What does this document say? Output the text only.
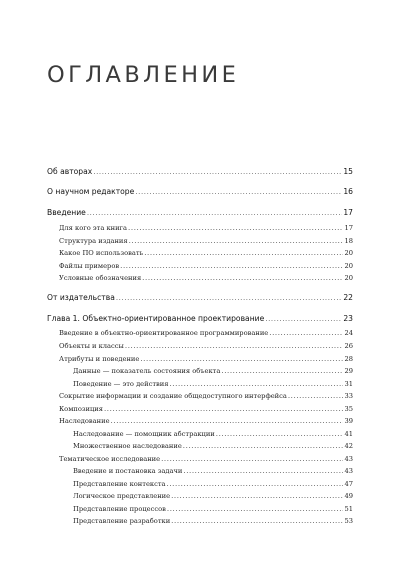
ОГЛАВЛЕНИЕ
Об авторах .....	15
О научном редакторе .....	16
Введение .....	17
Для кого эта книга .....	17
Структура издания .....	18
Какое ПО использовать .....	20
Файлы примеров .....	20
Условные обозначения .....	20
От издательства .....	22
Глава 1. Объектно-ориентированное проектирование .....	23
Введение в объектно-ориентированное программирование .....	24
Объекты и классы .....	26
Атрибуты и поведение .....	28
Данные — показатель состояния объекта .....	29
Поведение — это действия .....	31
Сокрытие информации и создание общедоступного интерфейса .....	33
Композиция .....	35
Наследование .....	39
Наследование — помощник абстракции .....	41
Множественное наследование .....	42
Тематическое исследование .....	43
Введение и постановка задачи .....	43
Представление контекста .....	47
Логическое представление .....	49
Представление процессов .....	51
Представление разработки .....	53
